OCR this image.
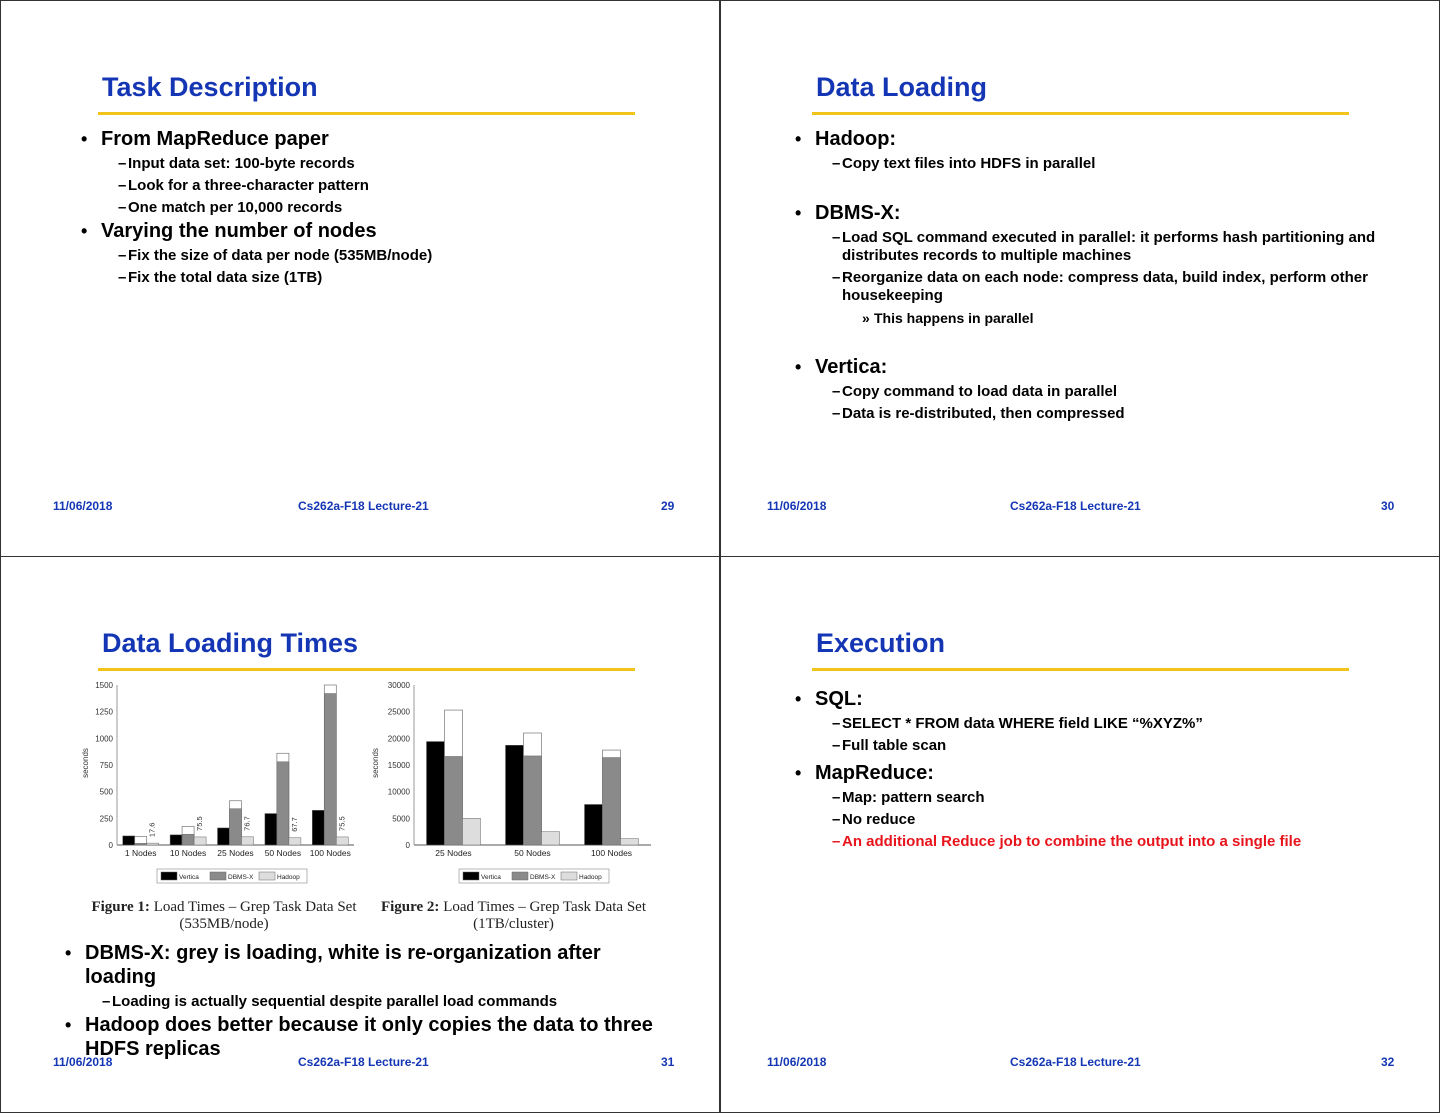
Task Description
• From MapReduce paper
– Input data set: 100-byte records
– Look for a three-character pattern
– One match per 10,000 records
• Varying the number of nodes
– Fix the size of data per node (535MB/node)
– Fix the total data size (1TB)
11/06/2018	Cs262a-F18 Lecture-21	29
Data Loading
• Hadoop:
– Copy text files into HDFS in parallel
• DBMS-X:
– Load SQL command executed in parallel: it performs hash partitioning and distributes records to multiple machines
– Reorganize data on each node: compress data, build index, perform other housekeeping
» This happens in parallel
• Vertica:
– Copy command to load data in parallel
– Data is re-distributed, then compressed
11/06/2018	Cs262a-F18 Lecture-21	30
Data Loading Times
0
250
500
750
1000
1250
1500
seconds
1 Nodes
17.6
10 Nodes
75.5
25 Nodes
76.7
50 Nodes
67.7
100 Nodes
75.5
Vertica	DBMS-X	Hadoop
0
5000
10000
15000
20000
25000
30000
seconds
25 Nodes	50 Nodes	100 Nodes
Vertica	DBMS-X	Hadoop
Figure 1: Load Times – Grep Task Data Set (535MB/node)
Figure 2: Load Times – Grep Task Data Set (1TB/cluster)
• DBMS-X: grey is loading, white is re-organization after loading
– Loading is actually sequential despite parallel load commands
• Hadoop does better because it only copies the data to three HDFS replicas
11/06/2018	Cs262a-F18 Lecture-21	31
Execution
• SQL:
– SELECT * FROM data WHERE field LIKE “%XYZ%”
– Full table scan
• MapReduce:
– Map: pattern search
– No reduce
– An additional Reduce job to combine the output into a single file
11/06/2018	Cs262a-F18 Lecture-21	32
